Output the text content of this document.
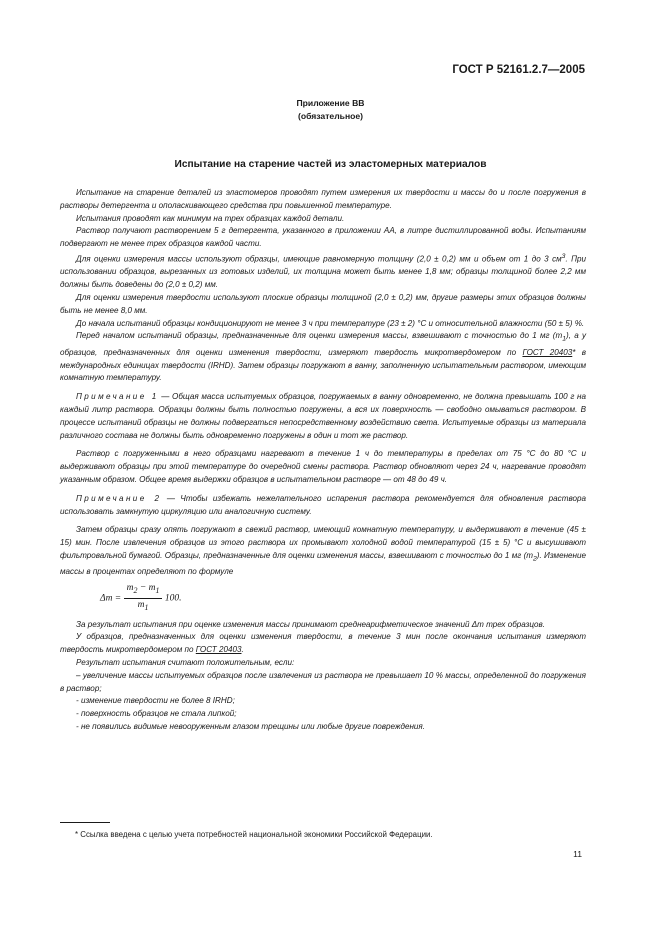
ГОСТ Р 52161.2.7—2005
Приложение ВВ
(обязательное)
Испытание на старение частей из эластомерных материалов

Испытание на старение деталей из эластомеров проводят путем измерения их твердости и массы до и после погружения в растворы детергента и ополаскивающего средства при повышенной температуре.

Испытания проводят как минимум на трех образцах каждой детали.

Раствор получают растворением 5 г детергента, указанного в приложении АА, в литре дистиллированной воды. Испытаниям подвергают не менее трех образцов каждой части.

Для оценки измерения массы используют образцы, имеющие равномерную толщину (2,0 ± 0,2) мм и объем от 1 до 3 $см^3$. При использовании образцов, вырезанных из готовых изделий, их толщина может быть менее 1,8 мм; образцы толщиной более 2,2 мм должны быть доведены до (2,0 ± 0,2) мм.

Для оценки измерения твердости используют плоские образцы толщиной (2,0 ± 0,2) мм, другие размеры этих образцов должны быть не менее 8,0 мм.

До начала испытаний образцы кондиционируют не менее 3 ч при температуре (23 ± 2) °С и относительной влажности (50 ± 5) %.

Перед началом испытаний образцы, предназначенные для оценки измерения массы, взвешивают с точностью до 1 мг $(m_1)$, а у образцов, предназначенных для оценки изменения твердости, измеряют твердость микротвердомером по ГОСТ 20403* в международных единицах твердости (IRHD). Затем образцы погружают в ванну, заполненную испытательным раствором, имеющим комнатную температуру.

Примечание 1 — Общая масса испытуемых образцов, погружаемых в ванну одновременно, не должна превышать 100 г на каждый литр раствора. Образцы должны быть полностью погружены, а вся их поверхность — свободно омываться раствором. В процессе испытаний образцы не должны подвергаться непосредственному воздействию света. Испытуемые образцы из материала различного состава не должны быть одновременно погружены в один и тот же раствор.

Раствор с погруженными в него образцами нагревают в течение 1 ч до температуры в пределах от 75 °С до 80 °С и выдерживают образцы при этой температуре до очередной смены раствора. Раствор обновляют через 24 ч, нагревание проводят указанным образом. Общее время выдержки образцов в испытательном растворе — от 48 до 49 ч.

Примечание 2 — Чтобы избежать нежелательного испарения раствора рекомендуется для обновления раствора использовать замкнутую циркуляцию или аналогичную систему.

Затем образцы сразу опять погружают в свежий раствор, имеющий комнатную температуру, и выдерживают в течение (45 ± 15) мин. После извлечения образцов из этого раствора их промывают холодной водой температурой (15 ± 5) °С и высушивают фильтровальной бумагой. Образцы, предназначенные для оценки изменения массы, взвешивают с точностью до 1 мг $(m_2)$. Изменение массы в процентах определяют по формуле

$\Delta m = \frac{m_2 - m_1}{m_1} 100$.

За результат испытания при оценке изменения массы принимают среднеарифметическое значений Δm трех образцов.

У образцов, предназначенных для оценки изменения твердости, в течение 3 мин после окончания испытания измеряют твердость микротвердомером по ГОСТ 20403.

Результат испытания считают положительным, если:

– увеличение массы испытуемых образцов после извлечения из раствора не превышает 10 % массы, определенной до погружения в раствор;

- изменение твердости не более 8 IRHD;

- поверхность образцов не стала липкой;

- не появились видимые невооруженным глазом трещины или любые другие повреждения.

* Ссылка введена с целью учета потребностей национальной экономики Российской Федерации.
11
